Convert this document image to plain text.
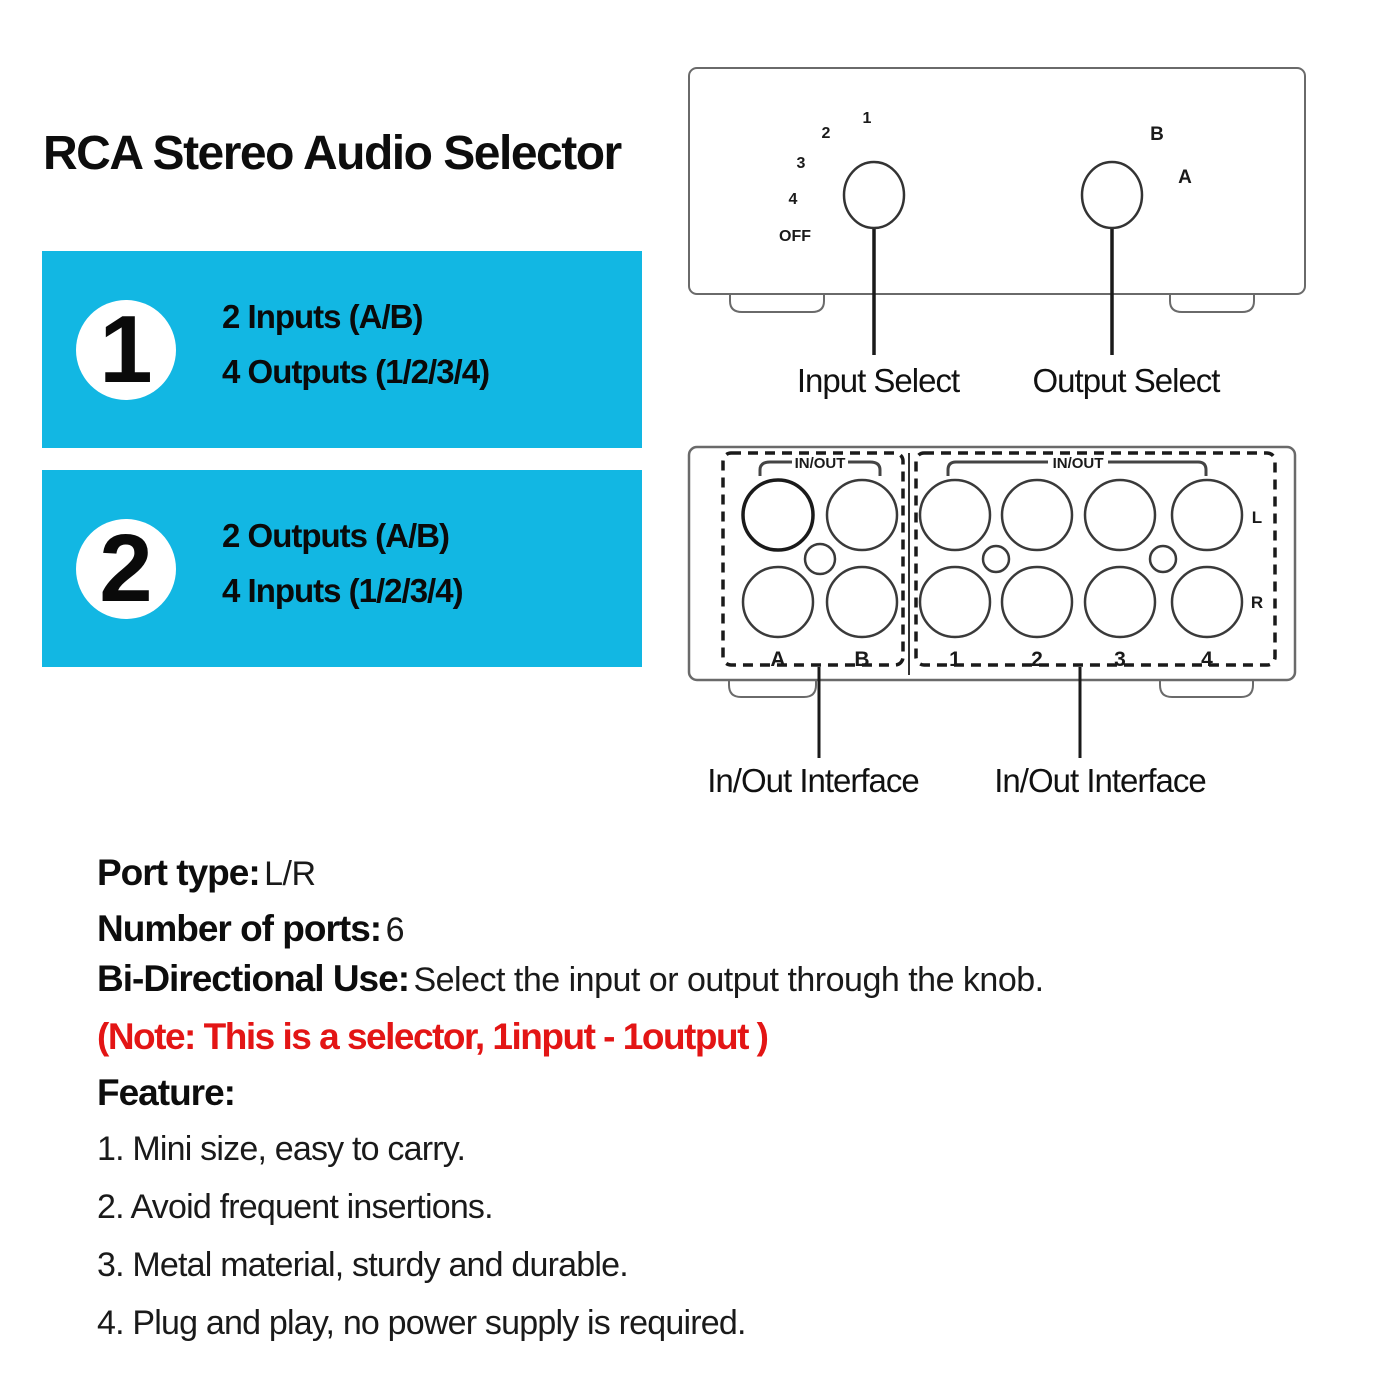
RCA Stereo Audio Selector
1 2 Inputs (A/B)
4 Outputs (1/2/3/4)
2 2 Outputs (A/B)
4 Inputs (1/2/3/4)
1
2
3
4
OFF
B
A
Input Select Output Select
IN/OUT	IN/OUT
A	B	1	2	3	4
L
R
In/Out Interface In/Out Interface
Port type: L/R
Number of ports: 6
Bi-Directional Use: Select the input or output through the knob.
(Note: This is a selector, 1input - 1output )
Feature:
1. Mini size, easy to carry.
2. Avoid frequent insertions.
3. Metal material, sturdy and durable.
4. Plug and play, no power supply is required.
